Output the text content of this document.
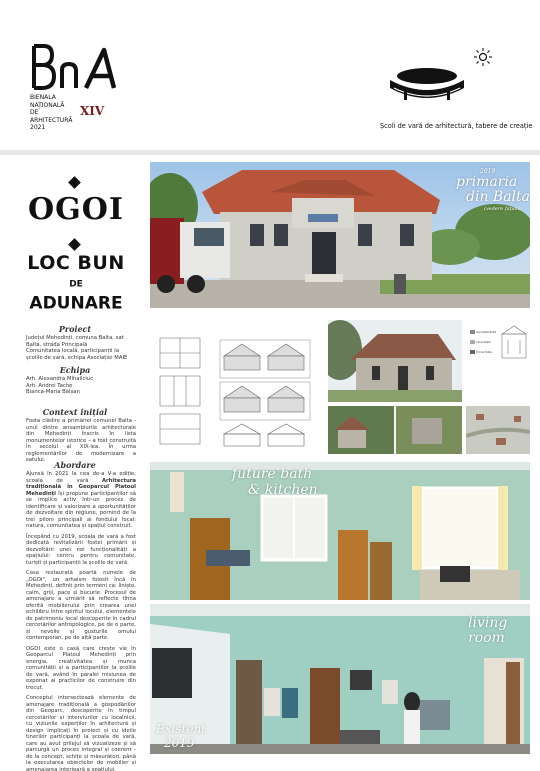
BIENALA
NAȚIONALĂ
DE
ARHITECTURĂ
2021
XIV
Școli de vară de arhitectură, tabere de creație
OGOI
LOC BUN
DE ADUNARE
Proiect
Județul Mehedinți, comuna Balta, sat Balta, strada Principală
Comunitatea locală, participanții la școlile de vară, echipa Asociației MAIE
Echipa
Arh. Alexandra Mihailciuc
Arh. Andrei Tache
Bianca-Maria Bălșan
Context inițial
Fosta clădire a primăriei comunei Balta - unul dintre ansamblurile arhitecturale din Mehedinți înscris în lista monumentelor istorice – a fost construită în secolul al XIX-lea. În urma reglementărilor de modernizare a satului.	Abordare

Ajunsă în 2021 la cea de-a V-a ediție, școala de vară Arhitectura tradițională în Geoparcul Platoul Mehedinți își propune participanților să se implice activ într-un proces de identificare și valorizare a oportunităților de dezvoltare din regiune, pornind de la trei piloni principali ai fondului local: natura, comunitatea și spațiul construit.

Începând cu 2019, școala de vară a fost dedicată revitalizării fostei primării și dezvoltării unei noi funcționalități a spațiului: centru pentru comunitate, turiști și participanții la școlile de vară.

Casa restaurată poartă numele de „OGOI", un arhaism folosit încă în Mehedinți, definit prin termeni ca: liniște, calm, griji, pace și bucurie. Procesul de amenajare a urmărit să reflecte tihna oferită mobilierului prin crearea unei echilibru între spiritul locului, elementele de patrimoniu local descoperite în cadrul cercetărilor antropologice, pe de o parte, și nevoile și gusturile omului contemporan, pe de altă parte.

OGOI este o casă care crește vie în Geoparcul Platoul Mehedinți prin energia, creativitatea și munca comunității și a participanților la școlile de vară, având în paralel misiunea de exponat al practicilor de construire din trecut.

Conceptul intersectează elemente de amenajare tradițională a gospodăriilor din Geoparc, descoperite în timpul cercetărilor și interviurilor cu localnicii, cu viziunile experților în arhitectură și design implicați în proiect și cu ideile tinerilor participanți la școala de vară, care au avut prilejul să vizualizeze și să parcurgă un proces integral și coerent - de la concept, schițe și măsurători, până la executarea obiectelor de mobilier și amenajarea interioară a spațiului.

2019
primaria
din Balta
(vedere fațadă)
Suprafață Balta
Canal Balta
Primar Balta
future bath
& kitchen
living room
Existent
2019
